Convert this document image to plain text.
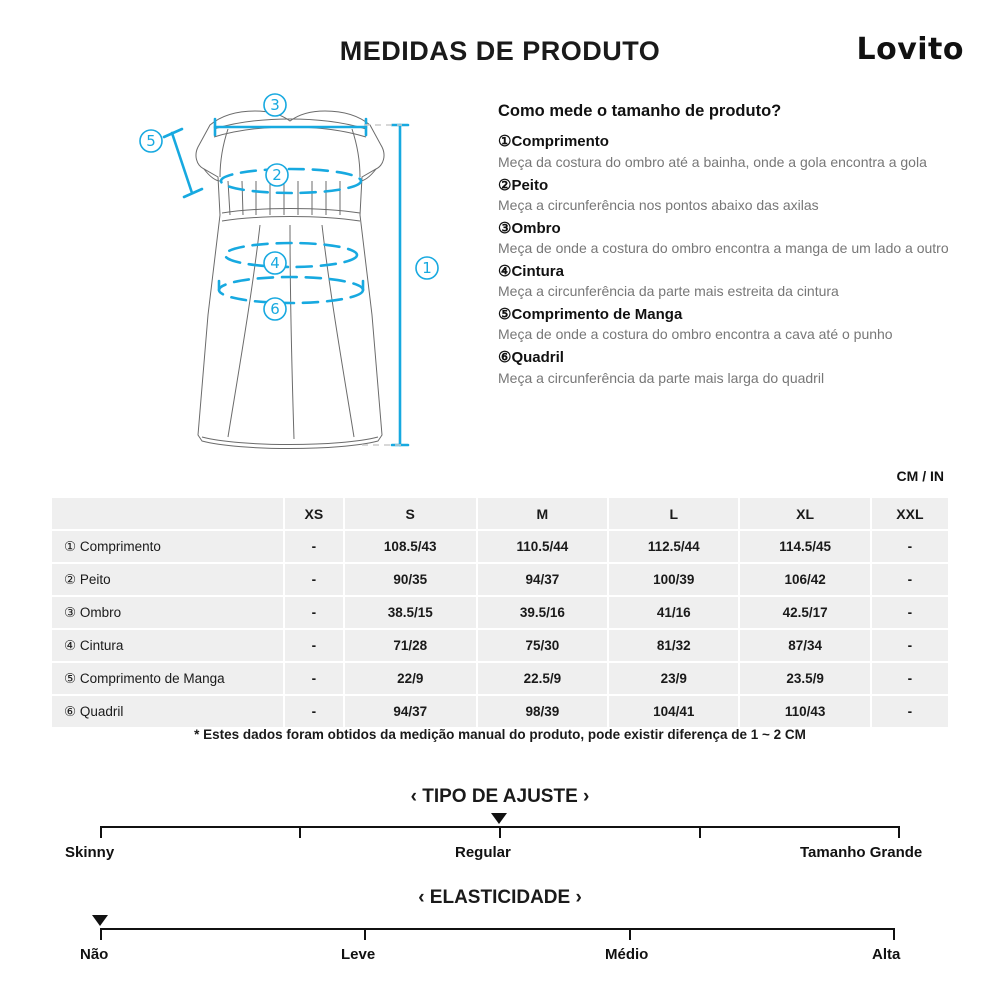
MEDIDAS DE PRODUTO	Lovito
3
5
2
4
6
1
Como mede o tamanho de produto?
①Comprimento
Meça da costura do ombro até a bainha, onde a gola encontra a gola
②Peito
Meça a circunferência nos pontos abaixo das axilas
③Ombro
Meça de onde a costura do ombro encontra a manga de um lado a outro
④Cintura
Meça a circunferência da parte mais estreita da cintura
⑤Comprimento de Manga
Meça de onde a costura do ombro encontra a cava até o punho
⑥Quadril
Meça a circunferência da parte mais larga do quadril
CM / IN
	XS	S	M	L	XL	XXL
① Comprimento	-	108.5/43	110.5/44	112.5/44	114.5/45	-
② Peito	-	90/35	94/37	100/39	106/42	-
③ Ombro	-	38.5/15	39.5/16	41/16	42.5/17	-
④ Cintura	-	71/28	75/30	81/32	87/34	-
⑤ Comprimento de Manga	-	22/9	22.5/9	23/9	23.5/9	-
⑥ Quadril	-	94/37	98/39	104/41	110/43	-
* Estes dados foram obtidos da medição manual do produto, pode existir diferença de 1 ~ 2 CM
‹ TIPO DE AJUSTE ›
Skinny	Regular	Tamanho Grande
‹ ELASTICIDADE ›
Não	Leve	Médio	Alta
